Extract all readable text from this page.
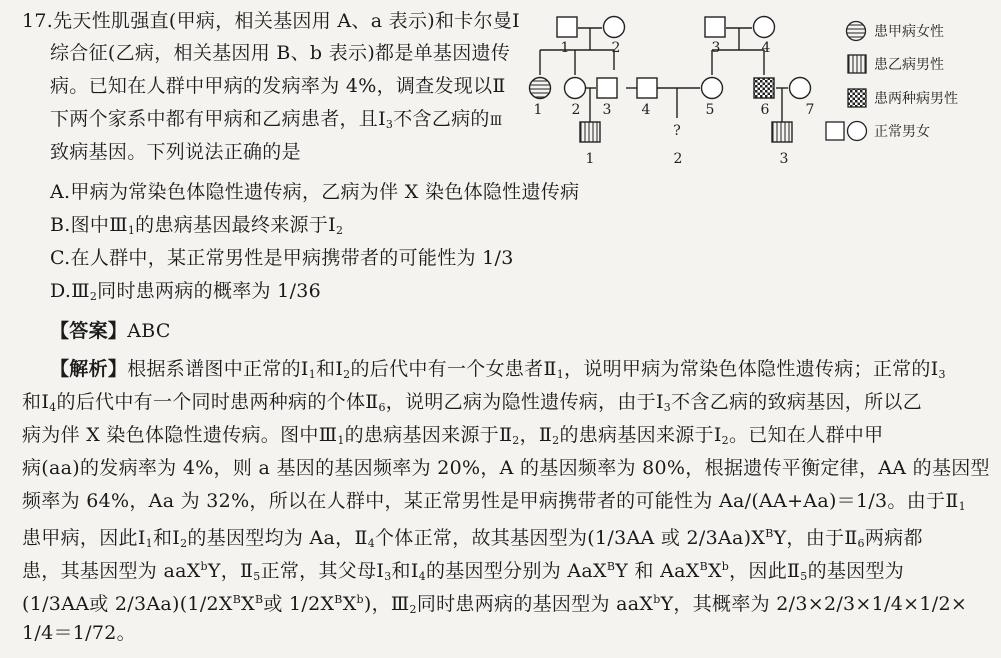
17.先天性肌强直(甲病，相关基因用 A、a 表示)和卡尔曼Ⅰ
综合征(乙病，相关基因用 B、b 表示)都是单基因遗传
病。已知在人群中甲病的发病率为 4%，调查发现以Ⅱ
下两个家系中都有甲病和乙病患者，且$Ⅰ_3$不含乙病的Ⅲ
致病基因。下列说法正确的是
A.甲病为常染色体隐性遗传病，乙病为伴 X 染色体隐性遗传病
B.图中$Ⅲ_1$的患病基因最终来源于$Ⅰ_2$
C.在人群中，某正常男性是甲病携带者的可能性为 1/3
$D.Ⅲ_2$同时患两病的概率为 1/36
【答案】ABC
【解析】根据系谱图中正常的$Ⅰ_1$和$Ⅰ_2$的后代中有一个女患者$Ⅱ_1$，说明甲病为常染色体隐性遗传病；正常的$Ⅰ_3$
和$Ⅰ_4$的后代中有一个同时患两种病的个体$Ⅱ_6$，说明乙病为隐性遗传病，由于$Ⅰ_3$不含乙病的致病基因，所以乙
病为伴 X 染色体隐性遗传病。图中$Ⅲ_1$的患病基因来源于$Ⅱ_2$，$Ⅱ_2$的患病基因来源于$Ⅰ_2$。已知在人群中甲
病(aa)的发病率为 4%，则 a 基因的基因频率为 20%，A 的基因频率为 80%，根据遗传平衡定律，AA 的基因型
频率为 64%，Aa 为 32%，所以在人群中，某正常男性是甲病携带者的可能性为 Aa/(AA+Aa)＝1/3。由于$Ⅱ_1$
患甲病，因此$Ⅰ_1$和$Ⅰ_2$的基因型均为 Aa，$Ⅱ_4$个体正常，故其基因型为(1/3AA 或 $2/3Aa)X^BY$，由于$Ⅱ_6$两病都
患，其基因型为 aaX$^b$Y，$Ⅱ_5$正常，其父母$Ⅰ_3$和$Ⅰ_4$的基因型分别为 AaX$^B$Y 和 $AaX^BX^b$，因此$Ⅱ_5$的基因型为
(1/3AA或 $2/3Aa)(1/2X^BX^B$或 $1/2X^BX^b$)，$Ⅲ_2$同时患两病的基因型为 aaX$^b$Y，其概率为 2/3×2/3×1/4×1/2×
1/4＝1/72。
1	2	3	4
1 2 3 4	5	6	7
1	2	3
?
患甲病女性
患乙病男性
患两种病男性
正常男女
